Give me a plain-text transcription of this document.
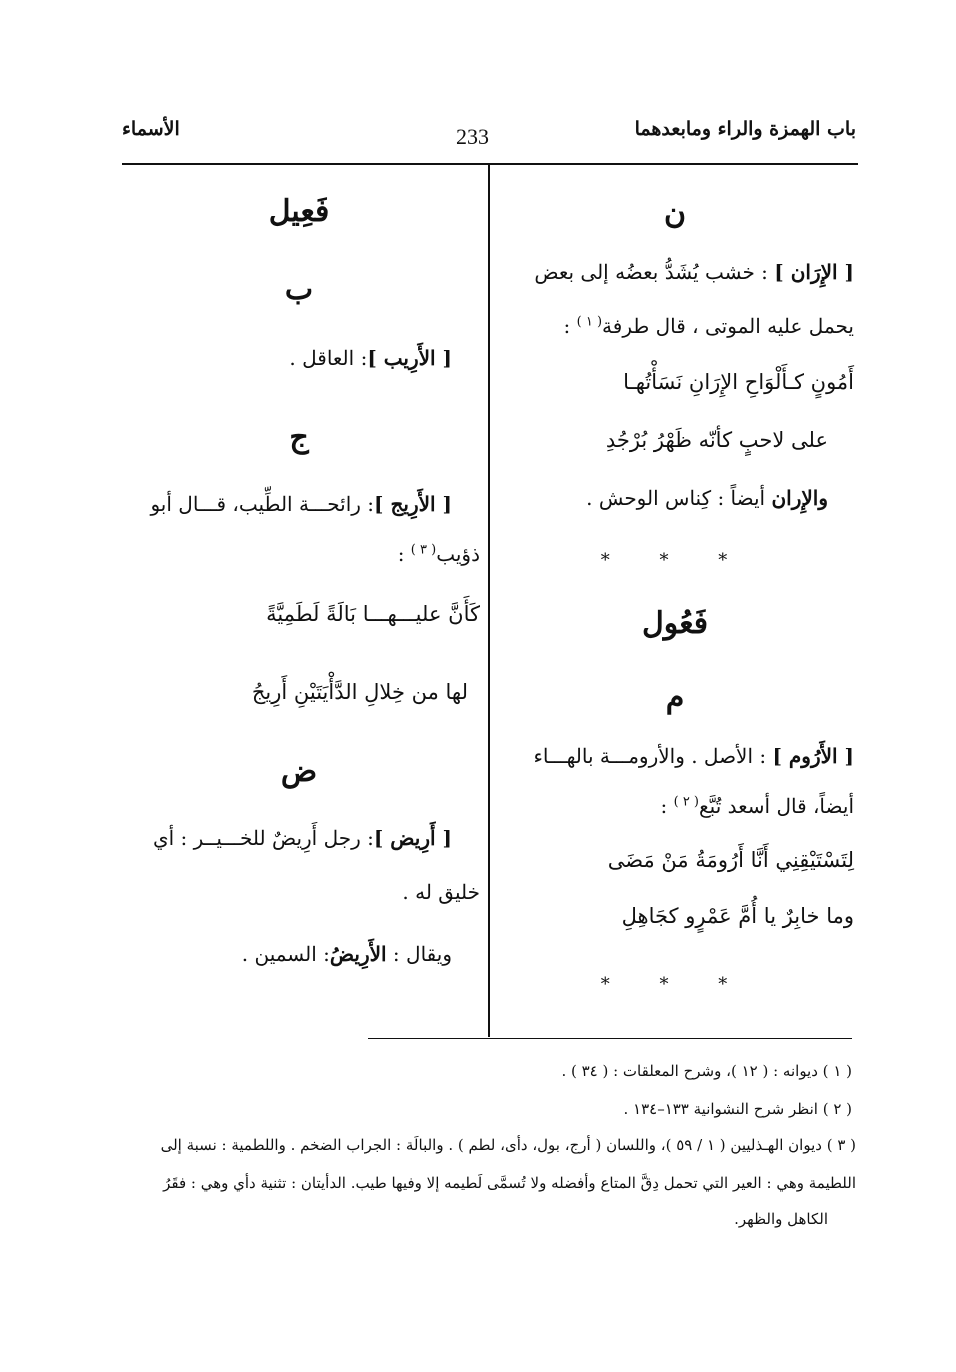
باب الهمزة والراء ومابعدهما
233
الأسماء
ن
[ الإِرَان ] : خشب يُشَدُّ بعضُه إلى بعض
يحمل عليه الموتى ، قال طرفة$^{( ١ )}$ :
أَمُونٍ كـأَلْوَاحِ الإِرَانِ نَسَأْتُهـا
على لاحبٍ كأنّه ظَهْرُ بُرْجُدِ
والإِران أيضاً : كِناس الوحش .
* * *
فَعُول
م
[ الأَرُوم ] : الأصل . والأرومـــة بالهـــاء
أيضاً، قال أسعد تُبَّع$^{( ٢ )}$ :
لِتَسْتَيْقِنِي أَنَّا أَرُومَةُ مَنْ مَضَى
وما خابِرٌ يا أُمَّ عَمْرٍو كجَاهِلِ
* * *
فَعِيل
ب
[ الأَرِيب ]: العاقل .
ج
[ الأَرِيج ]: رائحـــة الطِّيب، قـــال أبو
ذؤيب$^{( ٣ )}$ :
كَأَنَّ عليـــهـــا بَالَةً لَطَمِيَّةً
لها من خِلالِ الدَّأْيَتَيْنِ أَرِيجُ
ض
[ أَرِيض ]: رجل أَرِيضٌ للخـــيــر : أي
خليق له .
ويقال : الأَرِيضُ: السمين .
( ١ ) ديوانه : ( ١٢ )، وشرح المعلقات : ( ٣٤ ) .
( ٢ ) انظر شرح النشوانية ١٣٣–١٣٤ .
( ٣ ) ديوان الهـذليين ( ١ / ٥٩ )، واللسان ( أرج، بول، دأى، لطم ) . والبالَة : الجراب الضخم . واللطمية : نسبة إلى
اللطيمة وهي : العير التي تحمل دِقَّ المتاع وأفضله ولا تُسمَّى لَطيمه إلا وفيها طيب. الدأيتان : تثنية دأي وهي : فقَرُ
الكاهل والظهر.
